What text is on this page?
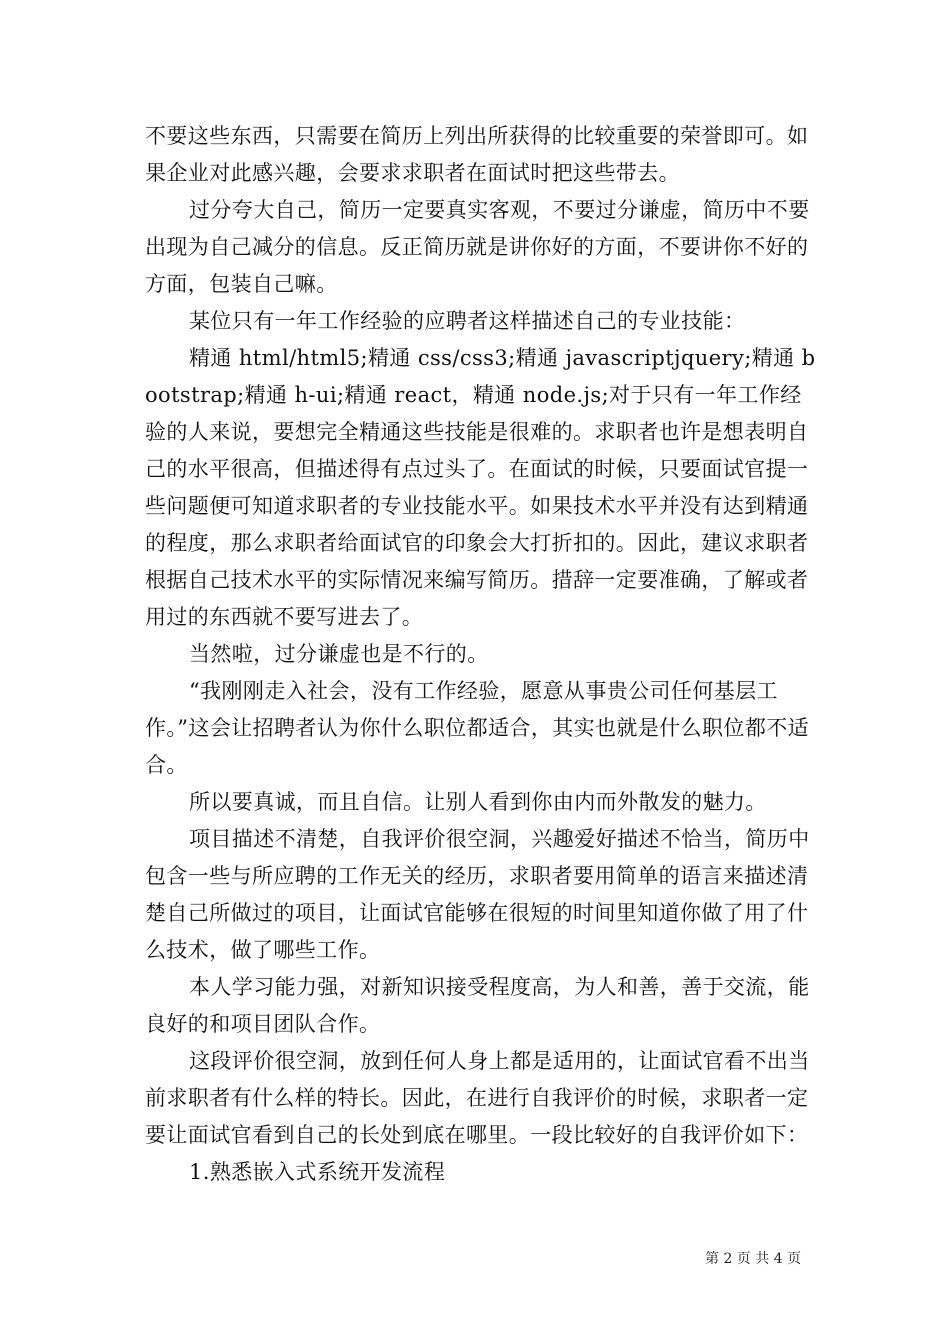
不要这些东西，只需要在简历上列出所获得的比较重要的荣誉即可。如果企业对此感兴趣，会要求求职者在面试时把这些带去。

过分夸大自己，简历一定要真实客观，不要过分谦虚，简历中不要出现为自己减分的信息。反正简历就是讲你好的方面，不要讲你不好的方面，包装自己嘛。

某位只有一年工作经验的应聘者这样描述自己的专业技能：

精通 html/html5;精通 css/css3;精通 javascriptjquery;精通 bootstrap;精通 h-ui;精通 react，精通 node.js;对于只有一年工作经验的人来说，要想完全精通这些技能是很难的。求职者也许是想表明自己的水平很高，但描述得有点过头了。在面试的时候，只要面试官提一些问题便可知道求职者的专业技能水平。如果技术水平并没有达到精通的程度，那么求职者给面试官的印象会大打折扣的。因此，建议求职者根据自己技术水平的实际情况来编写简历。措辞一定要准确，了解或者用过的东西就不要写进去了。

当然啦，过分谦虚也是不行的。

“我刚刚走入社会，没有工作经验，愿意从事贵公司任何基层工作。”这会让招聘者认为你什么职位都适合，其实也就是什么职位都不适合。

所以要真诚，而且自信。让别人看到你由内而外散发的魅力。

项目描述不清楚，自我评价很空洞，兴趣爱好描述不恰当，简历中包含一些与所应聘的工作无关的经历，求职者要用简单的语言来描述清楚自己所做过的项目，让面试官能够在很短的时间里知道你做了用了什么技术，做了哪些工作。

本人学习能力强，对新知识接受程度高，为人和善，善于交流，能良好的和项目团队合作。

这段评价很空洞，放到任何人身上都是适用的，让面试官看不出当前求职者有什么样的特长。因此，在进行自我评价的时候，求职者一定要让面试官看到自己的长处到底在哪里。一段比较好的自我评价如下：

1.熟悉嵌入式系统开发流程

第 2 页 共 4 页
